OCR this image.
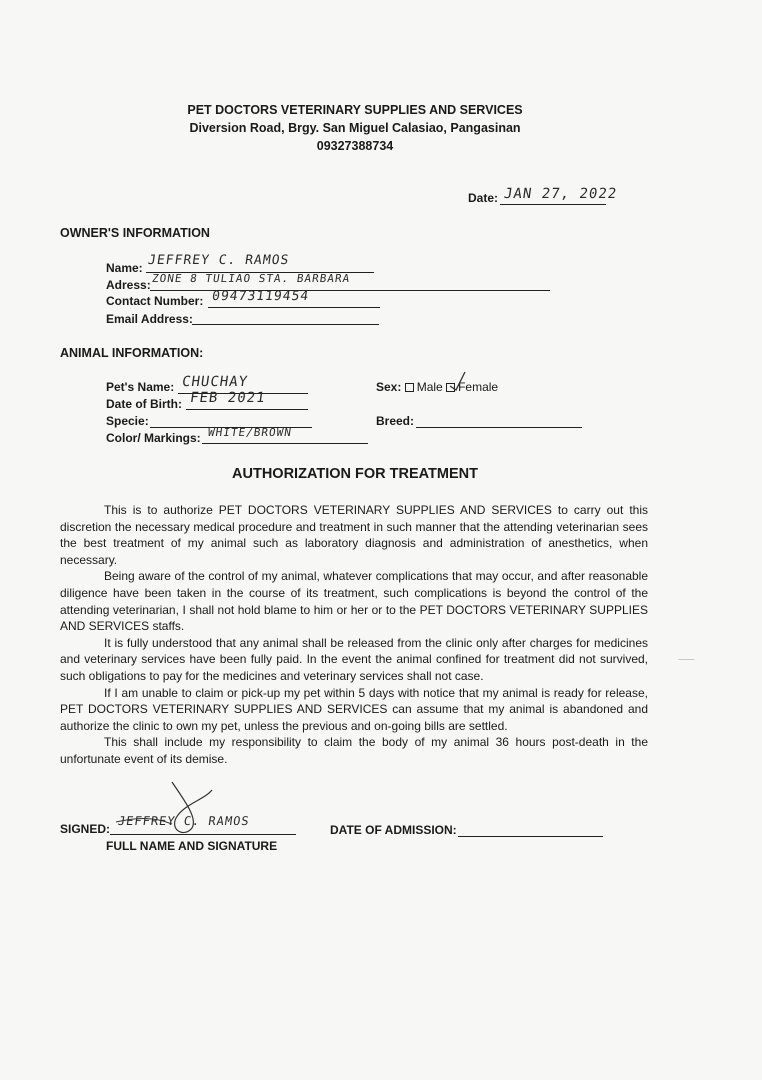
PET DOCTORS VETERINARY SUPPLIES AND SERVICES
Diversion Road, Brgy. San Miguel Calasiao, Pangasinan
09327388734
Date: JAN 27, 2022
OWNER'S INFORMATION
Name: JEFFREY C. RAMOS
Adress: ZONE 8 TULIAO STA. BARBARA
Contact Number: 09473119454
Email Address:
ANIMAL INFORMATION:
Pet's Name: CHUCHAY
Date of Birth: FEB 2021
Specie:
Color/ Markings: WHITE/BROWN
Sex: Male Female
Breed:
AUTHORIZATION FOR TREATMENT

This is to authorize PET DOCTORS VETERINARY SUPPLIES AND SERVICES to carry out this discretion the necessary medical procedure and treatment in such manner that the attending veterinarian sees the best treatment of my animal such as laboratory diagnosis and administration of anesthetics, when necessary.

Being aware of the control of my animal, whatever complications that may occur, and after reasonable diligence have been taken in the course of its treatment, such complications is beyond the control of the attending veterinarian, I shall not hold blame to him or her or to the PET DOCTORS VETERINARY SUPPLIES AND SERVICES staffs.

It is fully understood that any animal shall be released from the clinic only after charges for medicines and veterinary services have been fully paid. In the event the animal confined for treatment did not survived, such obligations to pay for the medicines and veterinary services shall not case.

If I am unable to claim or pick-up my pet within 5 days with notice that my animal is ready for release, PET DOCTORS VETERINARY SUPPLIES AND SERVICES can assume that my animal is abandoned and authorize the clinic to own my pet, unless the previous and on-going bills are settled.

This shall include my responsibility to claim the body of my animal 36 hours post-death in the unfortunate event of its demise.

⸺
SIGNED:
JEFFREY C. RAMOS
FULL NAME AND SIGNATURE
DATE OF ADMISSION:
